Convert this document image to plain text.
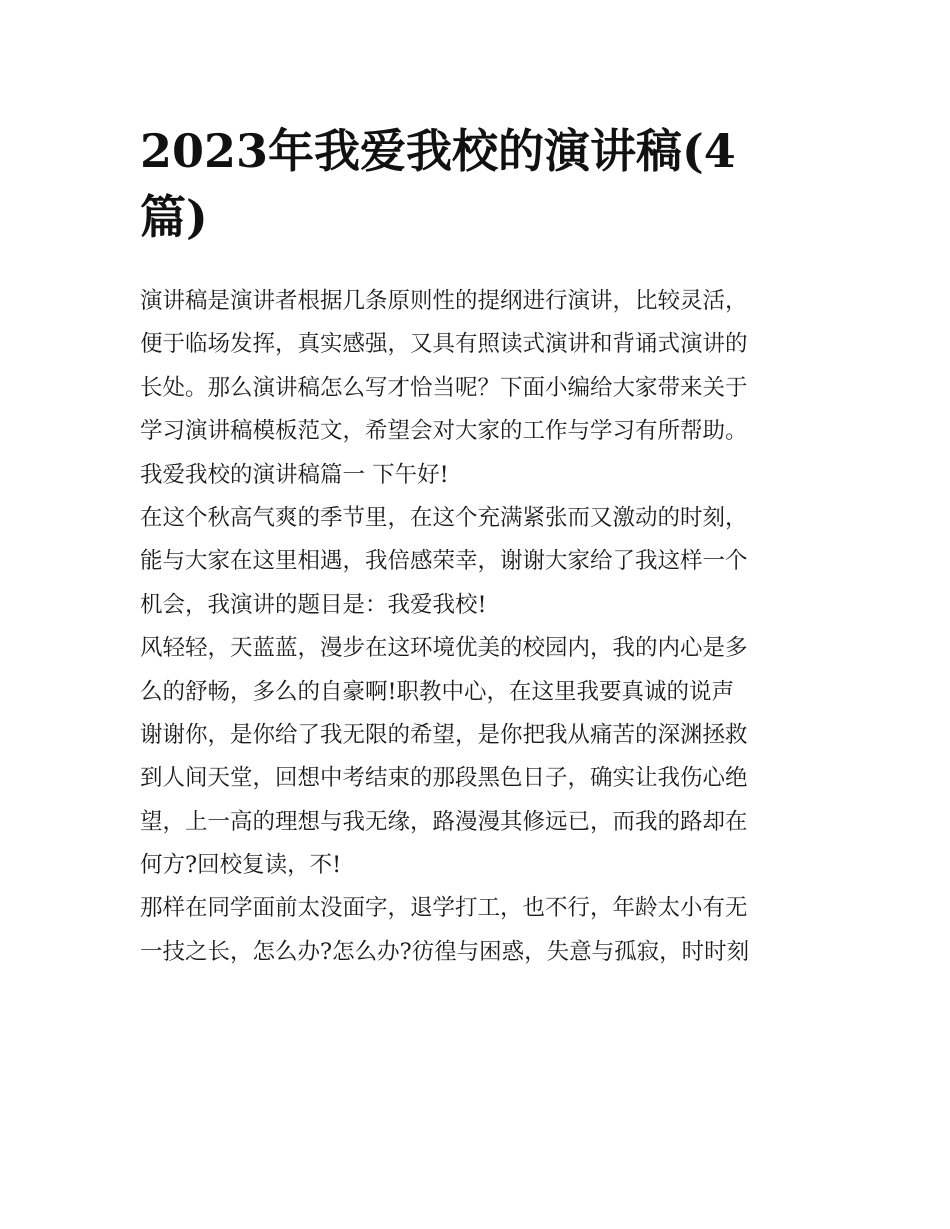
2023年我爱我校的演讲稿(4
篇)
演讲稿是演讲者根据几条原则性的提纲进行演讲，比较灵活，
便于临场发挥，真实感强，又具有照读式演讲和背诵式演讲的
长处。那么演讲稿怎么写才恰当呢？下面小编给大家带来关于
学习演讲稿模板范文，希望会对大家的工作与学习有所帮助。
我爱我校的演讲稿篇一 下午好!
在这个秋高气爽的季节里，在这个充满紧张而又激动的时刻，
能与大家在这里相遇，我倍感荣幸，谢谢大家给了我这样一个
机会，我演讲的题目是：我爱我校!
风轻轻，天蓝蓝，漫步在这环境优美的校园内，我的内心是多
么的舒畅，多么的自豪啊!职教中心，在这里我要真诚的说声
谢谢你，是你给了我无限的希望，是你把我从痛苦的深渊拯救
到人间天堂，回想中考结束的那段黑色日子，确实让我伤心绝
望，上一高的理想与我无缘，路漫漫其修远已，而我的路却在
何方?回校复读，不!
那样在同学面前太没面字，退学打工，也不行，年龄太小有无
一技之长，怎么办?怎么办?彷徨与困惑，失意与孤寂，时时刻
